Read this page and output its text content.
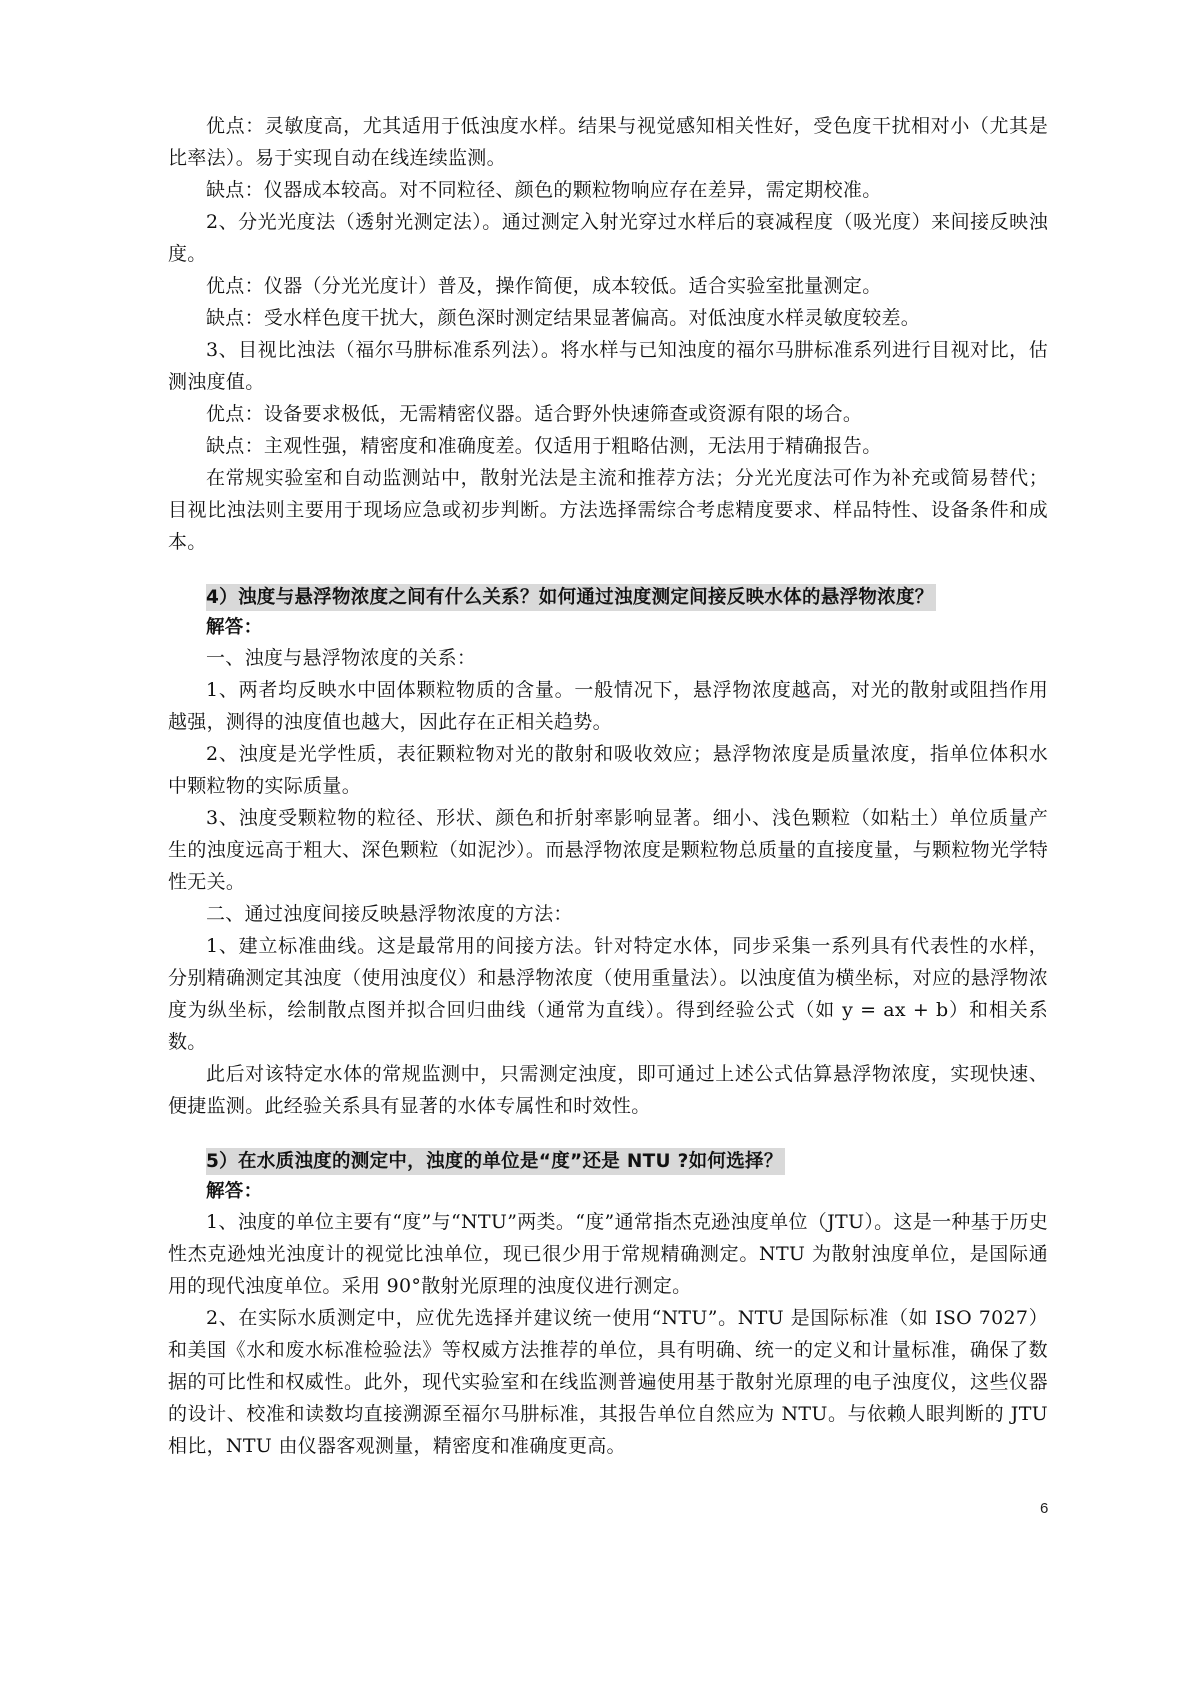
优点：灵敏度高，尤其适用于低浊度水样。结果与视觉感知相关性好，受色度干扰相对小（尤其是比率法）。易于实现自动在线连续监测。

缺点：仪器成本较高。对不同粒径、颜色的颗粒物响应存在差异，需定期校准。

2、分光光度法（透射光测定法）。通过测定入射光穿过水样后的衰减程度（吸光度）来间接反映浊度。

优点：仪器（分光光度计）普及，操作简便，成本较低。适合实验室批量测定。

缺点：受水样色度干扰大，颜色深时测定结果显著偏高。对低浊度水样灵敏度较差。

3、目视比浊法（福尔马肼标准系列法）。将水样与已知浊度的福尔马肼标准系列进行目视对比，估测浊度值。

优点：设备要求极低，无需精密仪器。适合野外快速筛查或资源有限的场合。

缺点：主观性强，精密度和准确度差。仅适用于粗略估测，无法用于精确报告。

在常规实验室和自动监测站中，散射光法是主流和推荐方法；分光光度法可作为补充或简易替代；目视比浊法则主要用于现场应急或初步判断。方法选择需综合考虑精度要求、样品特性、设备条件和成本。

4）浊度与悬浮物浓度之间有什么关系？如何通过浊度测定间接反映水体的悬浮物浓度？

解答：

一、浊度与悬浮物浓度的关系：

1、两者均反映水中固体颗粒物质的含量。一般情况下，悬浮物浓度越高，对光的散射或阻挡作用越强，测得的浊度值也越大，因此存在正相关趋势。

2、浊度是光学性质，表征颗粒物对光的散射和吸收效应；悬浮物浓度是质量浓度，指单位体积水中颗粒物的实际质量。

3、浊度受颗粒物的粒径、形状、颜色和折射率影响显著。细小、浅色颗粒（如粘土）单位质量产生的浊度远高于粗大、深色颗粒（如泥沙）。而悬浮物浓度是颗粒物总质量的直接度量，与颗粒物光学特性无关。

二、通过浊度间接反映悬浮物浓度的方法：

1、建立标准曲线。这是最常用的间接方法。针对特定水体，同步采集一系列具有代表性的水样，分别精确测定其浊度（使用浊度仪）和悬浮物浓度（使用重量法）。以浊度值为横坐标，对应的悬浮物浓度为纵坐标，绘制散点图并拟合回归曲线（通常为直线）。得到经验公式（如 y = ax + b）和相关系数。

此后对该特定水体的常规监测中，只需测定浊度，即可通过上述公式估算悬浮物浓度，实现快速、便捷监测。此经验关系具有显著的水体专属性和时效性。

5）在水质浊度的测定中，浊度的单位是“度”还是 NTU ?如何选择？

解答：

1、浊度的单位主要有“度”与“NTU”两类。“度”通常指杰克逊浊度单位（JTU）。这是一种基于历史性杰克逊烛光浊度计的视觉比浊单位，现已很少用于常规精确测定。NTU 为散射浊度单位，是国际通用的现代浊度单位。采用 90°散射光原理的浊度仪进行测定。

2、在实际水质测定中，应优先选择并建议统一使用“NTU”。NTU 是国际标准（如 ISO 7027）和美国《水和废水标准检验法》等权威方法推荐的单位，具有明确、统一的定义和计量标准，确保了数据的可比性和权威性。此外，现代实验室和在线监测普遍使用基于散射光原理的电子浊度仪，这些仪器的设计、校准和读数均直接溯源至福尔马肼标准，其报告单位自然应为 NTU。与依赖人眼判断的 JTU 相比，NTU 由仪器客观测量，精密度和准确度更高。

6
